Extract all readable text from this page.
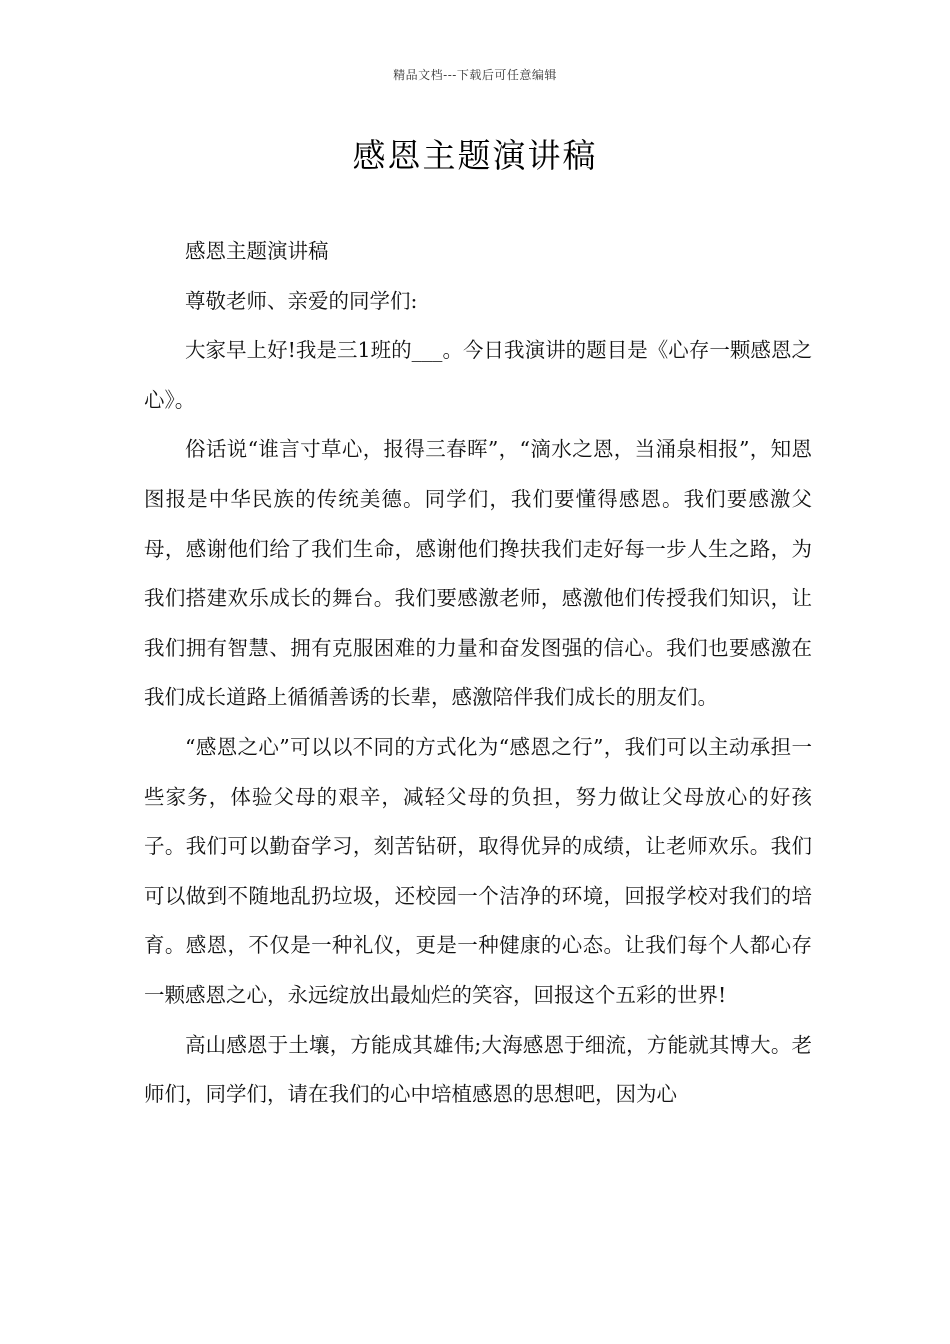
精品文档---下载后可任意编辑
感恩主题演讲稿

感恩主题演讲稿

尊敬老师、亲爱的同学们:

大家早上好!我是三1班的___。今日我演讲的题目是《心存一颗感恩之心》。

俗话说“谁言寸草心，报得三春晖”，“滴水之恩，当涌泉相报”，知恩图报是中华民族的传统美德。同学们，我们要懂得感恩。我们要感激父母，感谢他们给了我们生命，感谢他们搀扶我们走好每一步人生之路，为我们搭建欢乐成长的舞台。我们要感激老师，感激他们传授我们知识，让我们拥有智慧、拥有克服困难的力量和奋发图强的信心。我们也要感激在我们成长道路上循循善诱的长辈，感激陪伴我们成长的朋友们。

“感恩之心”可以以不同的方式化为“感恩之行”，我们可以主动承担一些家务，体验父母的艰辛，减轻父母的负担，努力做让父母放心的好孩子。我们可以勤奋学习，刻苦钻研，取得优异的成绩，让老师欢乐。我们可以做到不随地乱扔垃圾，还校园一个洁净的环境，回报学校对我们的培育。感恩，不仅是一种礼仪，更是一种健康的心态。让我们每个人都心存一颗感恩之心，永远绽放出最灿烂的笑容，回报这个五彩的世界!

高山感恩于土壤，方能成其雄伟;大海感恩于细流，方能就其博大。老师们，同学们，请在我们的心中培植感恩的思想吧，因为心
